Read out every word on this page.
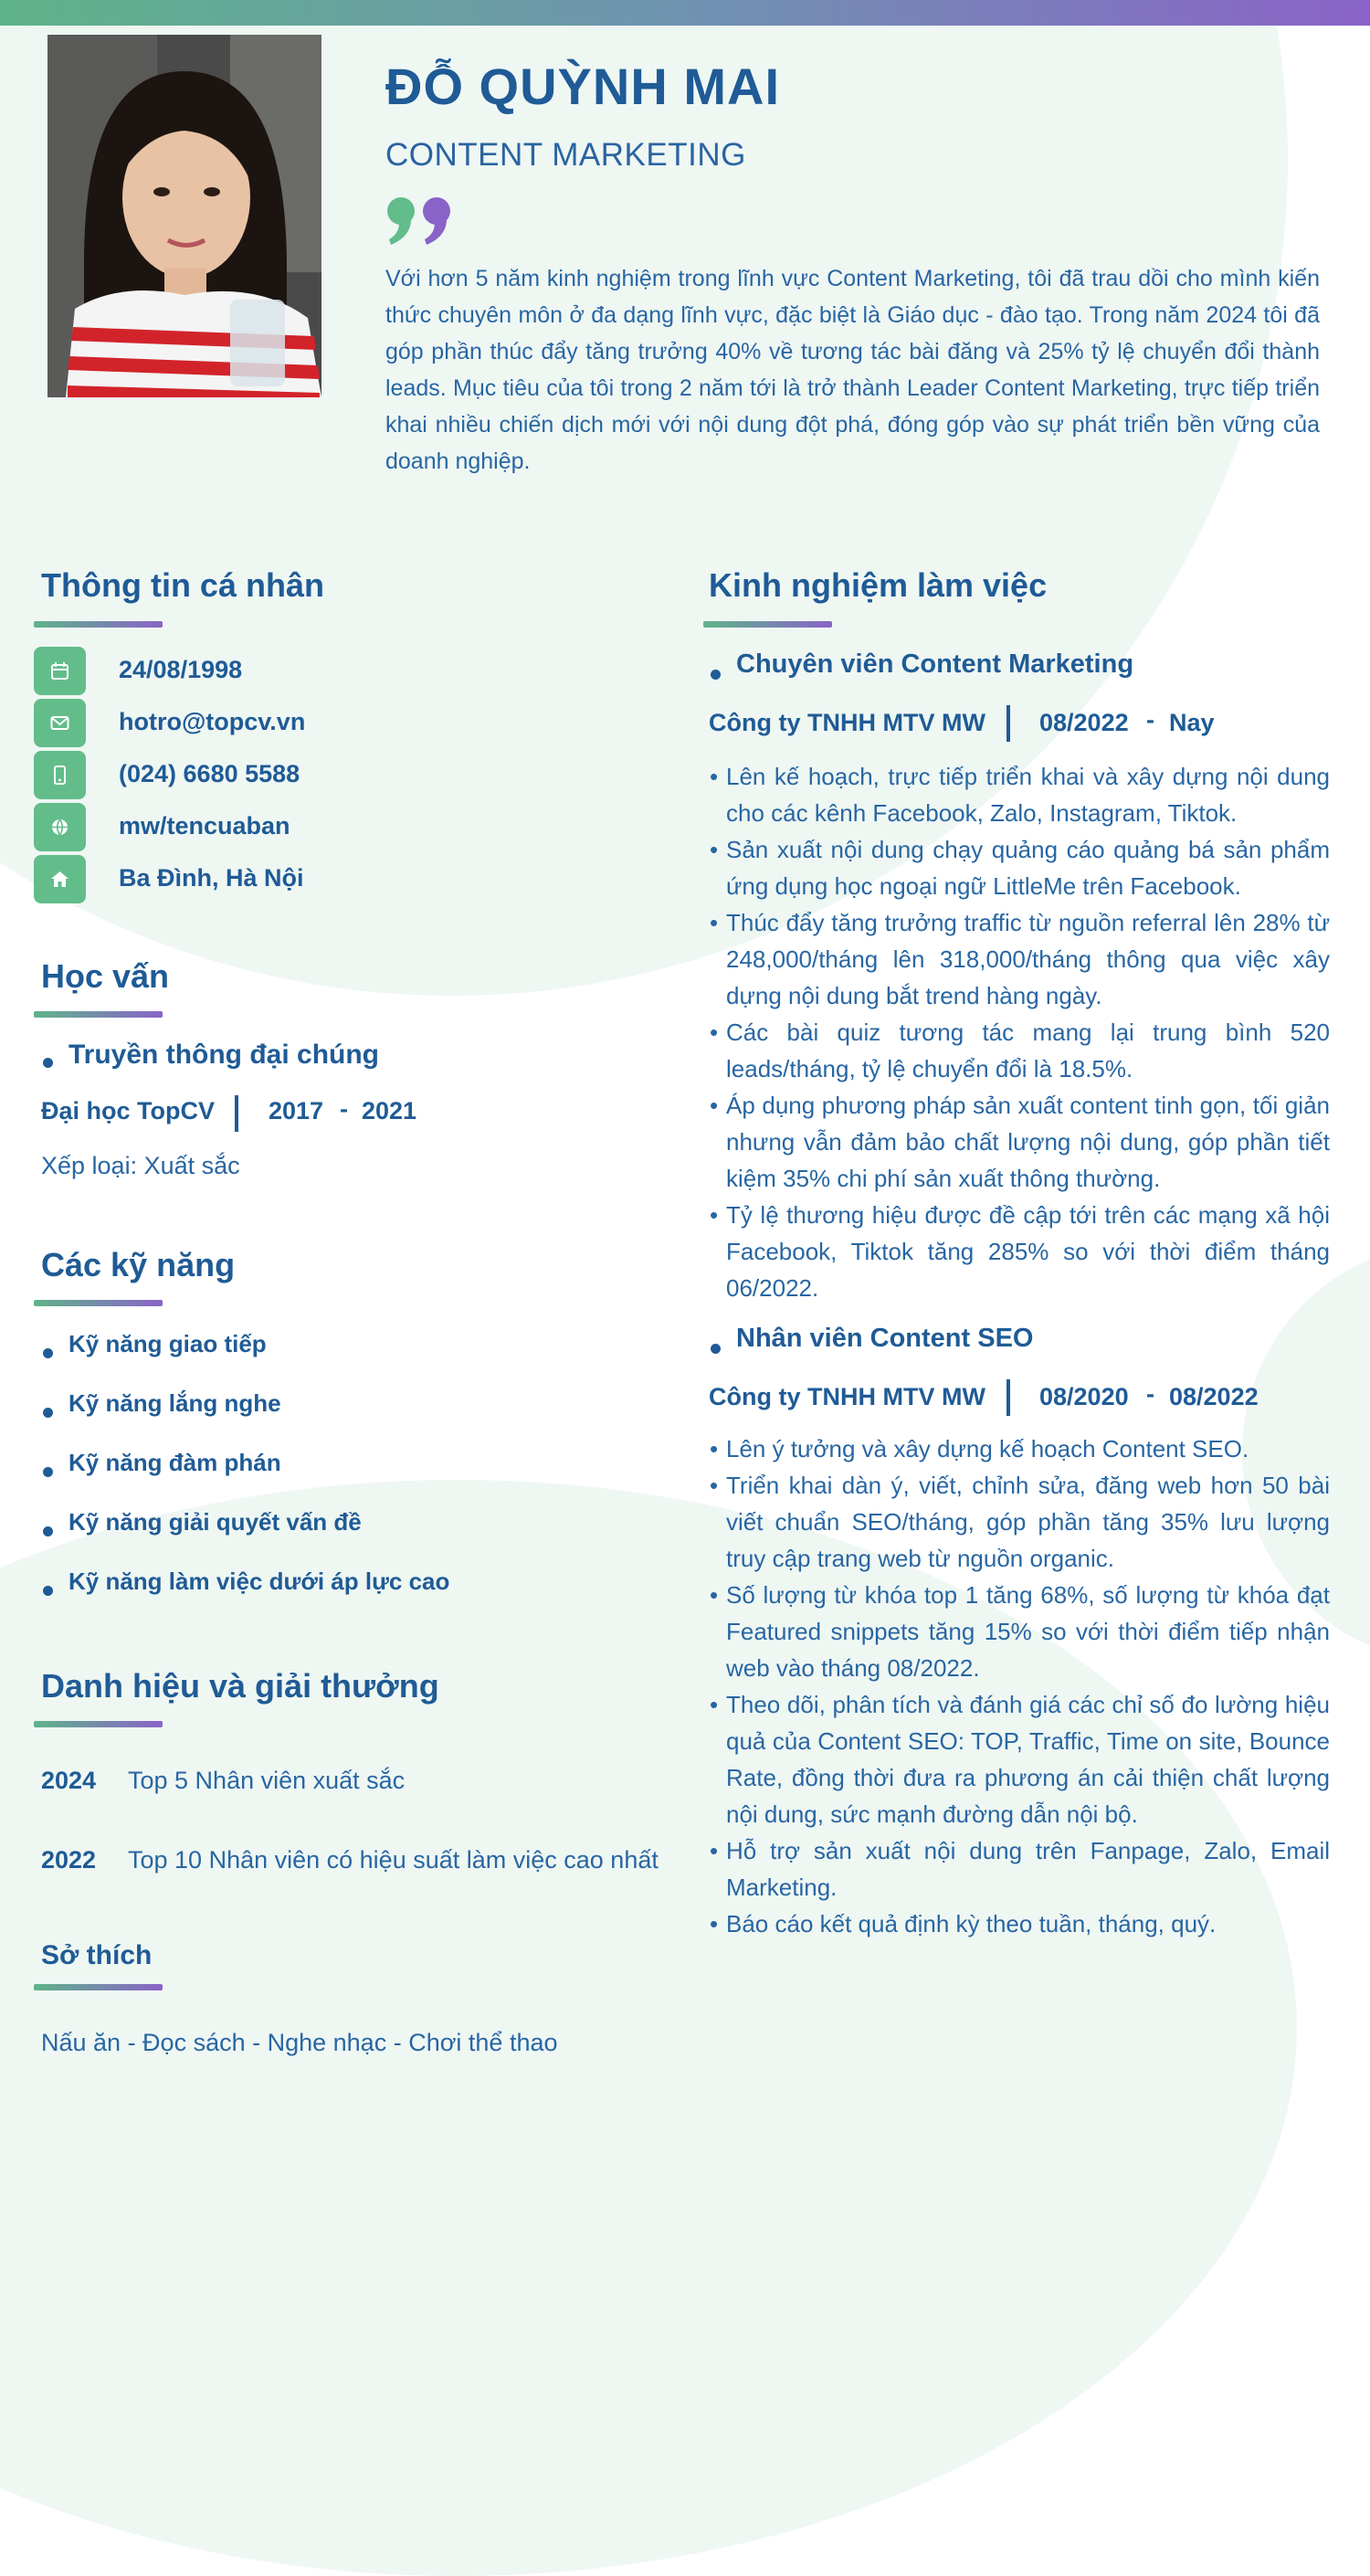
ĐỖ QUỲNH MAI
CONTENT MARKETING
Với hơn 5 năm kinh nghiệm trong lĩnh vực Content Marketing, tôi đã trau dồi cho mình kiến thức chuyên môn ở đa dạng lĩnh vực, đặc biệt là Giáo dục - đào tạo. Trong năm 2024 tôi đã góp phần thúc đẩy tăng trưởng 40% về tương tác bài đăng và 25% tỷ lệ chuyển đổi thành leads. Mục tiêu của tôi trong 2 năm tới là trở thành Leader Content Marketing, trực tiếp triển khai nhiều chiến dịch mới với nội dung đột phá, đóng góp vào sự phát triển bền vững của doanh nghiệp.
Thông tin cá nhân
24/08/1998
hotro@topcv.vn
(024) 6680 5588
mw/tencuaban
Ba Đình, Hà Nội
Học vấn
Truyền thông đại chúng
Đại học TopCV 2017 - 2021
Xếp loại: Xuất sắc
Các kỹ năng
Kỹ năng giao tiếp
Kỹ năng lắng nghe
Kỹ năng đàm phán
Kỹ năng giải quyết vấn đề
Kỹ năng làm việc dưới áp lực cao
Danh hiệu và giải thưởng
2024 Top 5 Nhân viên xuất sắc
2022 Top 10 Nhân viên có hiệu suất làm việc cao nhất
Sở thích
Nấu ăn - Đọc sách - Nghe nhạc - Chơi thể thao
Kinh nghiệm làm việc
Chuyên viên Content Marketing
Công ty TNHH MTV MW 08/2022 - Nay
• Lên kế hoạch, trực tiếp triển khai và xây dựng nội dung cho các kênh Facebook, Zalo, Instagram, Tiktok.
• Sản xuất nội dung chạy quảng cáo quảng bá sản phẩm ứng dụng học ngoại ngữ LittleMe trên Facebook.
• Thúc đẩy tăng trưởng traffic từ nguồn referral lên 28% từ 248,000/tháng lên 318,000/tháng thông qua việc xây dựng nội dung bắt trend hàng ngày.
• Các bài quiz tương tác mang lại trung bình 520 leads/tháng, tỷ lệ chuyển đổi là 18.5%.
• Áp dụng phương pháp sản xuất content tinh gọn, tối giản nhưng vẫn đảm bảo chất lượng nội dung, góp phần tiết kiệm 35% chi phí sản xuất thông thường.
• Tỷ lệ thương hiệu được đề cập tới trên các mạng xã hội Facebook, Tiktok tăng 285% so với thời điểm tháng 06/2022.
Nhân viên Content SEO
Công ty TNHH MTV MW 08/2020 - 08/2022
• Lên ý tưởng và xây dựng kế hoạch Content SEO.
• Triển khai dàn ý, viết, chỉnh sửa, đăng web hơn 50 bài viết chuẩn SEO/tháng, góp phần tăng 35% lưu lượng truy cập trang web từ nguồn organic.
• Số lượng từ khóa top 1 tăng 68%, số lượng từ khóa đạt Featured snippets tăng 15% so với thời điểm tiếp nhận web vào tháng 08/2022.
• Theo dõi, phân tích và đánh giá các chỉ số đo lường hiệu quả của Content SEO: TOP, Traffic, Time on site, Bounce Rate, đồng thời đưa ra phương án cải thiện chất lượng nội dung, sức mạnh đường dẫn nội bộ.
• Hỗ trợ sản xuất nội dung trên Fanpage, Zalo, Email Marketing.
• Báo cáo kết quả định kỳ theo tuần, tháng, quý.
